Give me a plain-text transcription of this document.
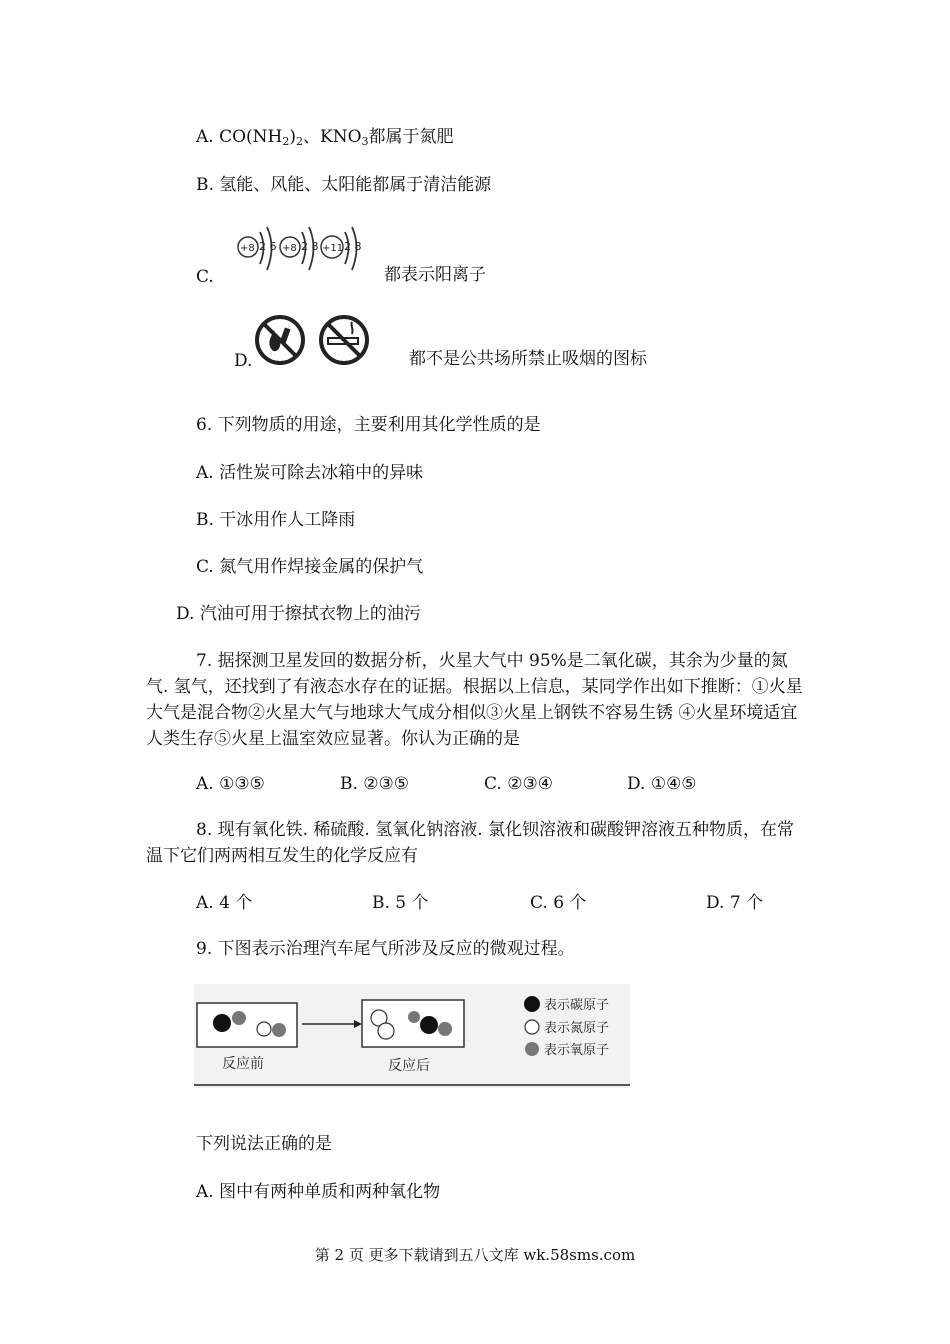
A. $CO(NH_2)_2$、$KNO_3$都属于氮肥
B. 氢能、风能、太阳能都属于清洁能源
C.
+8 2 6 +8 2 8 +11 2 8
都表示阳离子
D.	都不是公共场所禁止吸烟的图标
6. 下列物质的用途，主要利用其化学性质的是
A. 活性炭可除去冰箱中的异味
B. 干冰用作人工降雨
C. 氮气用作焊接金属的保护气
D. 汽油可用于擦拭衣物上的油污
7. 据探测卫星发回的数据分析，火星大气中 95%是二氧化碳，其余为少量的氮气. 氢气，还找到了有液态水存在的证据。根据以上信息，某同学作出如下推断：①火星大气是混合物②火星大气与地球大气成分相似③火星上钢铁不容易生锈 ④火星环境适宜人类生存⑤火星上温室效应显著。你认为正确的是
A. ①③⑤	B. ②③⑤	C. ②③④	D. ①④⑤
8. 现有氧化铁. 稀硫酸. 氢氧化钠溶液. 氯化钡溶液和碳酸钾溶液五种物质，在常温下它们两两相互发生的化学反应有
A. 4 个	B. 5 个	C. 6 个	D. 7 个
9. 下图表示治理汽车尾气所涉及反应的微观过程。
反应前	反应后
表示碳原子
表示氮原子
表示氧原子
下列说法正确的是
A. 图中有两种单质和两种氧化物
第 2 页 更多下载请到五八文库 wk.58sms.com
